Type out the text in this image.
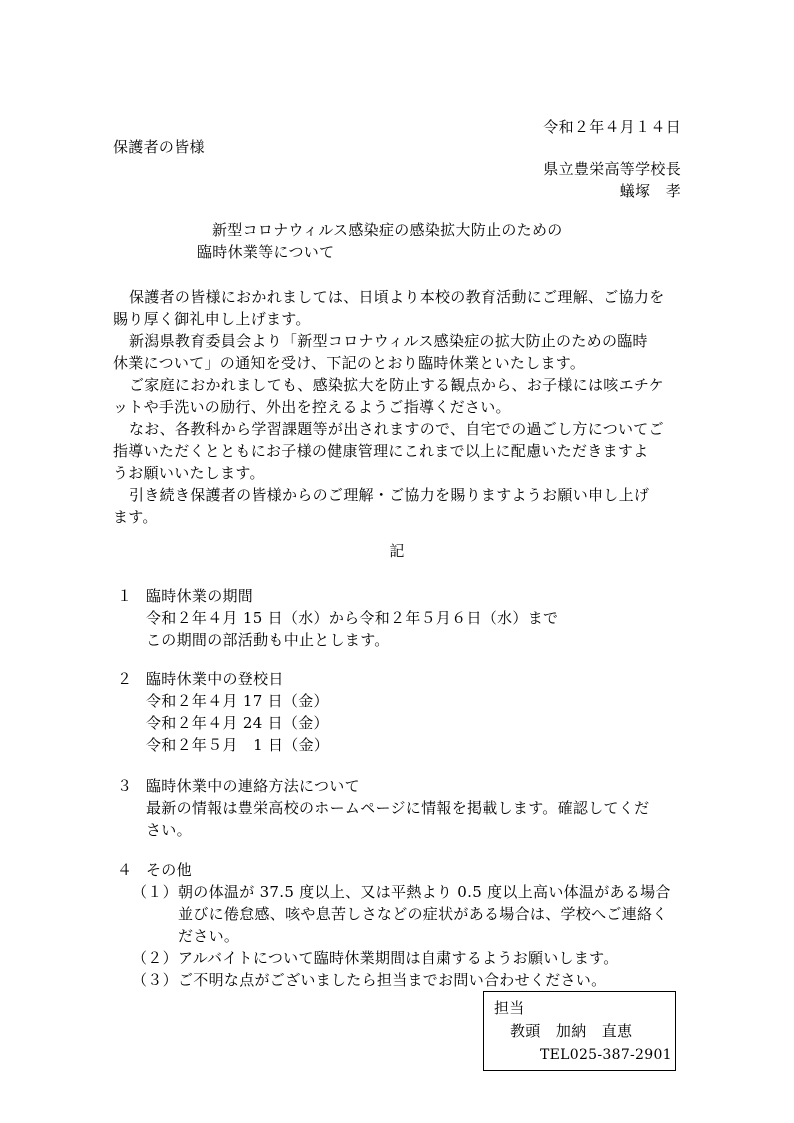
令和２年４月１４日
保護者の皆様
県立豊栄高等学校長
蟻塚　孝
新型コロナウィルス感染症の感染拡大防止のための
臨時休業等について
保護者の皆様におかれましては、日頃より本校の教育活動にご理解、ご協力を
賜り厚く御礼申し上げます。
新潟県教育委員会より「新型コロナウィルス感染症の拡大防止のための臨時
休業について」の通知を受け、下記のとおり臨時休業といたします。
ご家庭におかれましても、感染拡大を防止する観点から、お子様には咳エチケ
ットや手洗いの励行、外出を控えるようご指導ください。
なお、各教科から学習課題等が出されますので、自宅での過ごし方についてご
指導いただくとともにお子様の健康管理にこれまで以上に配慮いただきますよ
うお願いいたします。
引き続き保護者の皆様からのご理解・ご協力を賜りますようお願い申し上げ
ます。
記
１ 臨時休業の期間
令和２年４月 15 日（水）から令和２年５月６日（水）まで
この期間の部活動も中止とします。
２ 臨時休業中の登校日
令和２年４月 17 日（金）
令和２年４月 24 日（金）
令和２年５月　1 日（金）
３ 臨時休業中の連絡方法について
最新の情報は豊栄高校のホームページに情報を掲載します。確認してくだ
さい。
４ その他
（１） 朝の体温が 37.5 度以上、又は平熱より 0.5 度以上高い体温がある場合
並びに倦怠感、咳や息苦しさなどの症状がある場合は、学校へご連絡く
ださい。
（２） アルバイトについて臨時休業期間は自粛するようお願いします。
（３） ご不明な点がございましたら担当までお問い合わせください。
担当
教頭　加納　直恵
TEL025-387-2901
